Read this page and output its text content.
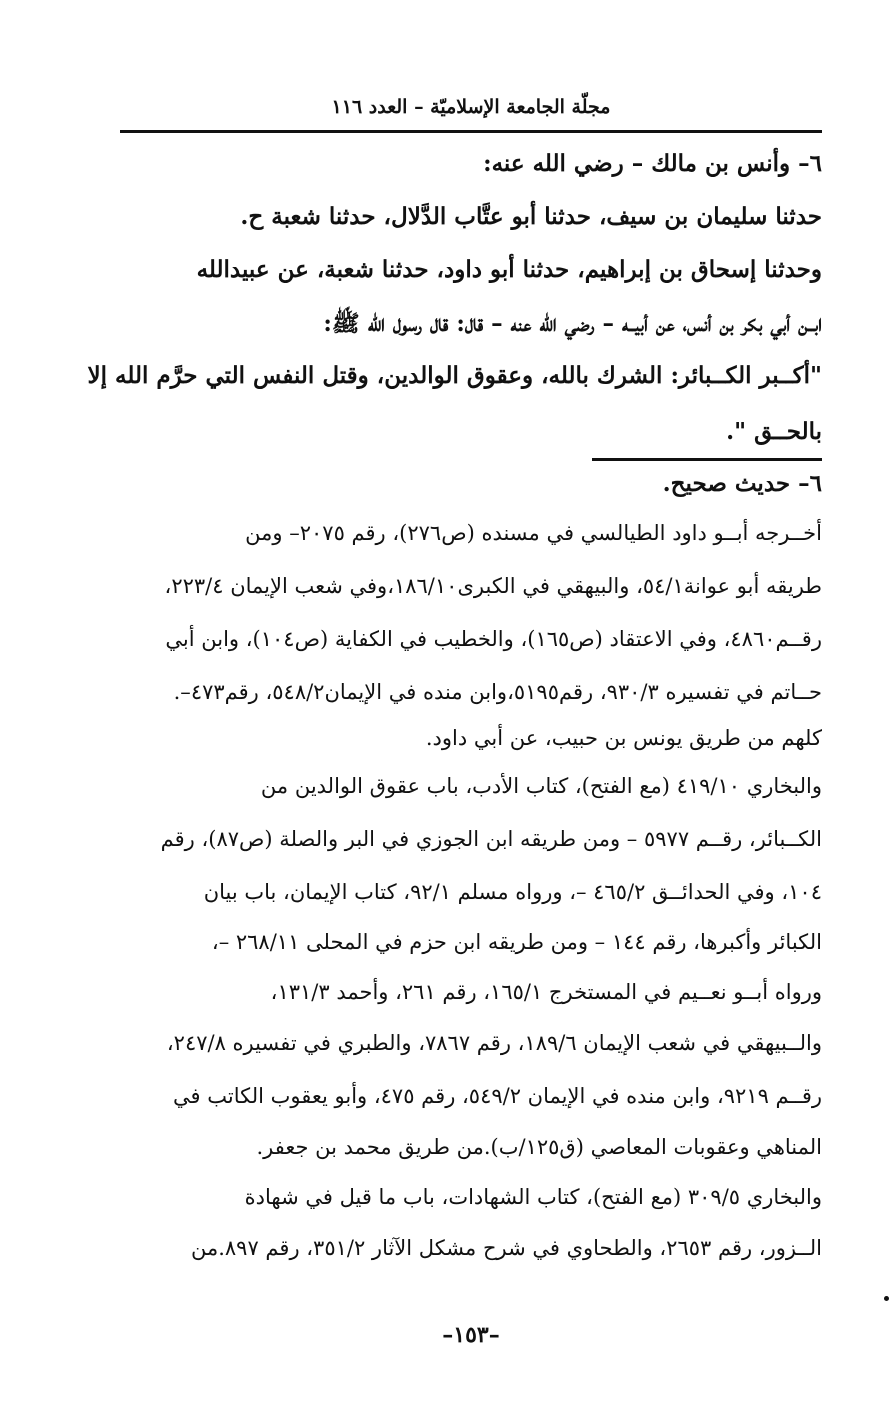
مجلّة الجامعة الإسلاميّة – العدد ١١٦
٦– وأنس بن مالك – رضي الله عنه:
حدثنا سليمان بن سيف، حدثنا أبو عتَّاب الدَّلال، حدثنا شعبة ح.
وحدثنا إسحاق بن إبراهيم، حدثنا أبو داود، حدثنا شعبة، عن عبيدالله
ابــن أبي بكر بن أنس، عن أبيــه – رضي الله عنه – قال: قال رسول الله ﷺ:
"أكــبر الكــبائر: الشرك بالله، وعقوق الوالدين، وقتل النفس التي حرَّم الله إلا
بالحــق ".
٦– حديث صحيح.
أخــرجه أبــو داود الطيالسي في مسنده (ص٢٧٦)، رقم ٢٠٧٥– ومن
طريقه أبو عوانة٥٤/١، والبيهقي في الكبرى١٨٦/١٠،وفي شعب الإيمان ٢٢٣/٤،
رقــم٤٨٦٠، وفي الاعتقاد (ص١٦٥)، والخطيب في الكفاية (ص١٠٤)، وابن أبي
حــاتم في تفسيره ٩٣٠/٣، رقم٥١٩٥،وابن منده في الإيمان٥٤٨/٢، رقم٤٧٣–.
كلهم من طريق يونس بن حبيب، عن أبي داود.
والبخاري ٤١٩/١٠ (مع الفتح)، كتاب الأدب، باب عقوق الوالدين من
الكــبائر، رقــم ٥٩٧٧ – ومن طريقه ابن الجوزي في البر والصلة (ص٨٧)، رقم
١٠٤، وفي الحدائــق ٤٦٥/٢ –، ورواه مسلم ٩٢/١، كتاب الإيمان، باب بيان
الكبائر وأكبرها، رقم ١٤٤ – ومن طريقه ابن حزم في المحلى ٢٦٨/١١ –،
ورواه أبــو نعــيم في المستخرج ١٦٥/١، رقم ٢٦١، وأحمد ١٣١/٣،
والــبيهقي في شعب الإيمان ١٨٩/٦، رقم ٧٨٦٧، والطبري في تفسيره ٢٤٧/٨،
رقــم ٩٢١٩، وابن منده في الإيمان ٥٤٩/٢، رقم ٤٧٥، وأبو يعقوب الكاتب في
المناهي وعقوبات المعاصي (ق١٢٥/ب).من طريق محمد بن جعفر.
والبخاري ٣٠٩/٥ (مع الفتح)، كتاب الشهادات، باب ما قيل في شهادة
الــزور، رقم ٢٦٥٣، والطحاوي في شرح مشكل الآثار ٣٥١/٢، رقم ٨٩٧.من
–١٥٣–
